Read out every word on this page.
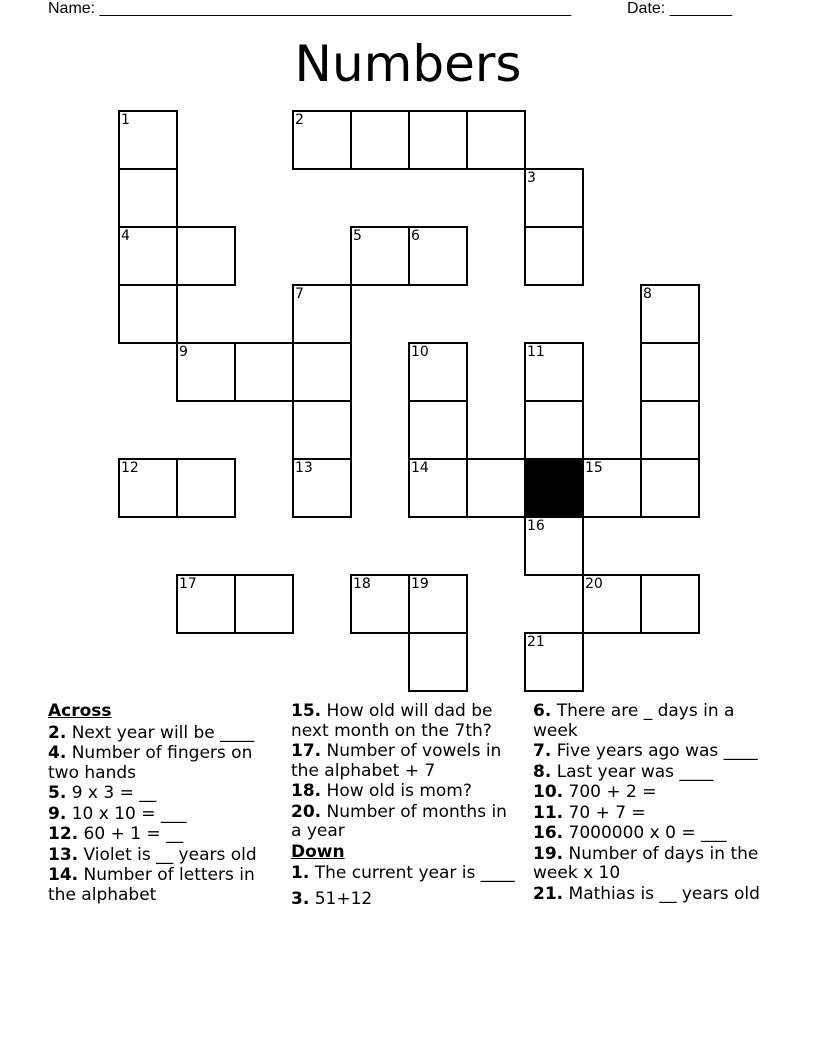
Name: _____________________________________________________	Date: _______
Numbers
1	2
3
4	5	6
7	8
9	10	11
12	13	14	15
16
17	18	19	20
21
Across
2. Next year will be ____
4. Number of fingers on two hands
5. 9 x 3 = __
9. 10 x 10 = ___
12. 60 + 1 = __
13. Violet is __ years old
14. Number of letters in the alphabet
15. How old will dad be next month on the 7th?
17. Number of vowels in the alphabet + 7
18. How old is mom?
20. Number of months in a year
Down
1. The current year is ____
3. 51+12
6. There are _ days in a week
7. Five years ago was ____
8. Last year was ____
10. 700 + 2 =
11. 70 + 7 =
16. 7000000 x 0 = ___
19. Number of days in the week x 10
21. Mathias is __ years old
